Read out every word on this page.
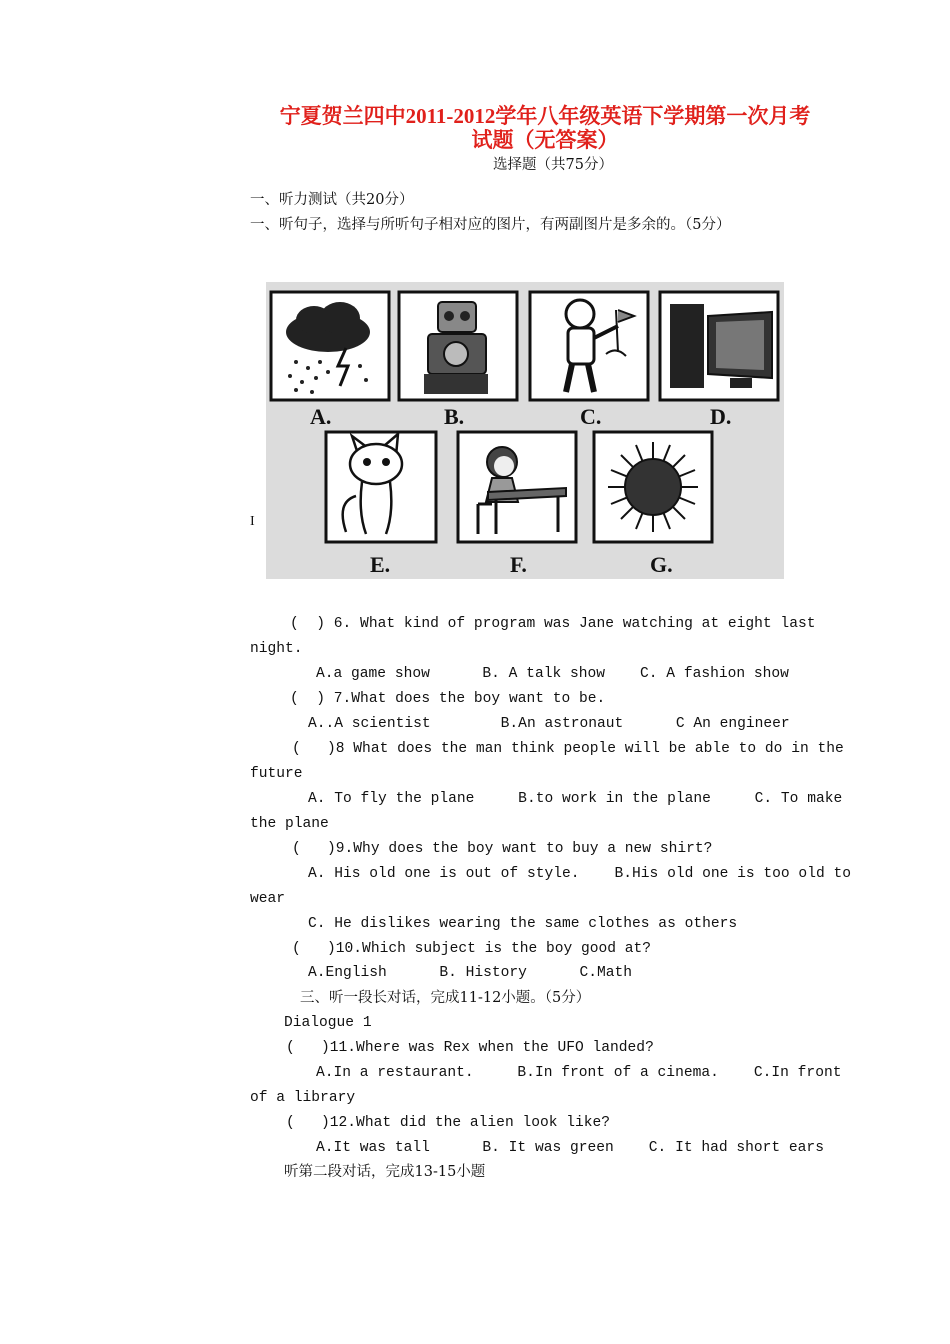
宁夏贺兰四中2011-2012学年八年级英语下学期第一次月考
试题（无答案）
选择题（共75分）
一、听力测试（共20分）
一、听句子，选择与所听句子相对应的图片，有两副图片是多余的。（5分）
A.	B.	C.	D.
E.	F.	G.
I
(  ) 6. What kind of program was Jane watching at eight last
night.
A.a game show      B. A talk show    C. A fashion show
(  ) 7.What does the boy want to be.
A..A scientist        B.An astronaut      C An engineer
(   )8 What does the man think people will be able to do in the
future
A. To fly the plane     B.to work in the plane     C. To make
the plane
(   )9.Why does the boy want to buy a new shirt?
A. His old one is out of style.    B.His old one is too old to
wear
C. He dislikes wearing the same clothes as others
(   )10.Which subject is the boy good at?
A.English      B. History      C.Math
三、听一段长对话，完成11-12小题。（5分）
Dialogue 1
(   )11.Where was Rex when the UFO landed?
A.In a restaurant.     B.In front of a cinema.    C.In front
of a library
(   )12.What did the alien look like?
A.It was tall      B. It was green    C. It had short ears
听第二段对话，完成13-15小题
